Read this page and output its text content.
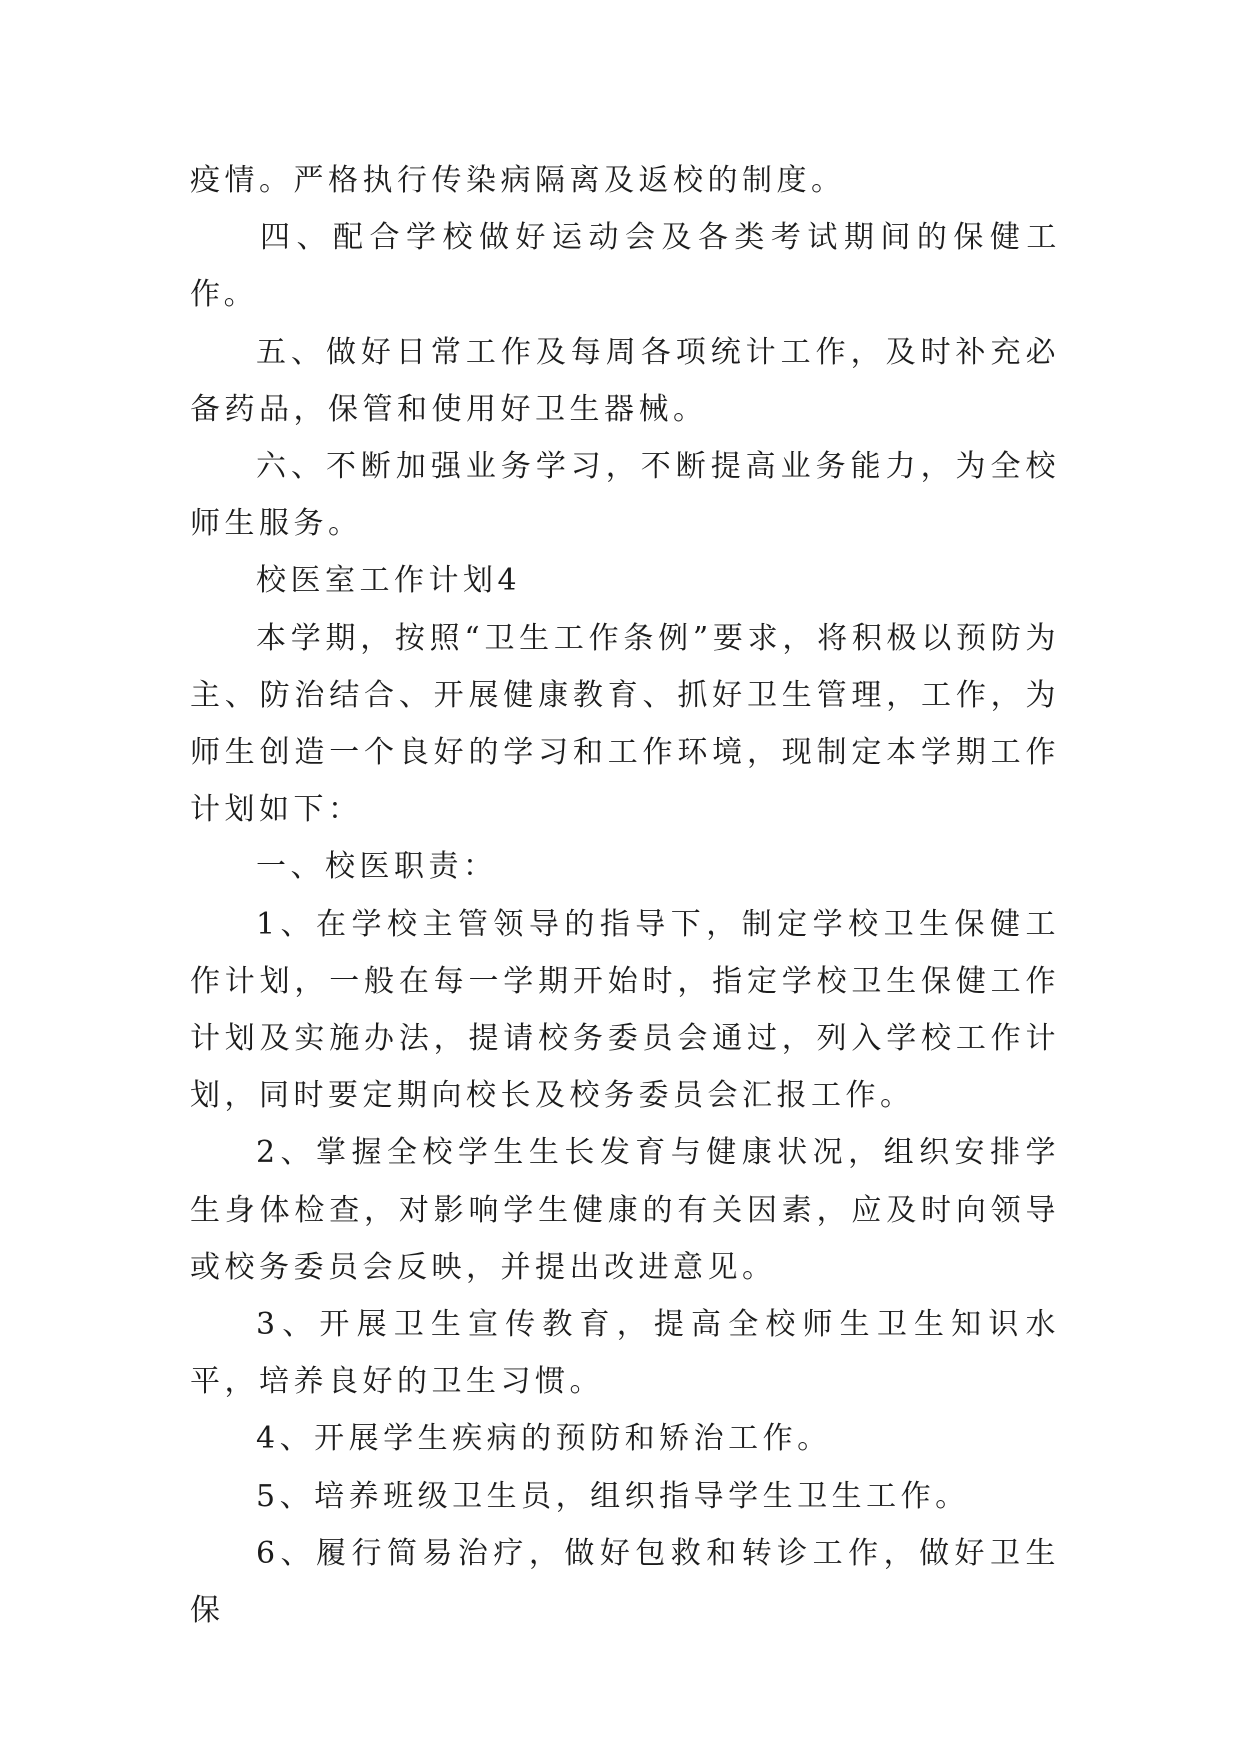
疫情。严格执行传染病隔离及返校的制度。

四、配合学校做好运动会及各类考试期间的保健工作。

五、做好日常工作及每周各项统计工作，及时补充必备药品，保管和使用好卫生器械。

六、不断加强业务学习，不断提高业务能力，为全校师生服务。

校医室工作计划4

本学期，按照“卫生工作条例”要求，将积极以预防为主、防治结合、开展健康教育、抓好卫生管理，工作，为师生创造一个良好的学习和工作环境，现制定本学期工作计划如下：

一、校医职责：

1、在学校主管领导的指导下，制定学校卫生保健工作计划，一般在每一学期开始时，指定学校卫生保健工作计划及实施办法，提请校务委员会通过，列入学校工作计划，同时要定期向校长及校务委员会汇报工作。

2、掌握全校学生生长发育与健康状况，组织安排学生身体检查，对影响学生健康的有关因素，应及时向领导或校务委员会反映，并提出改进意见。

3、开展卫生宣传教育，提高全校师生卫生知识水平，培养良好的卫生习惯。

4、开展学生疾病的预防和矫治工作。

5、培养班级卫生员，组织指导学生卫生工作。

6、履行简易治疗，做好包救和转诊工作，做好卫生保
